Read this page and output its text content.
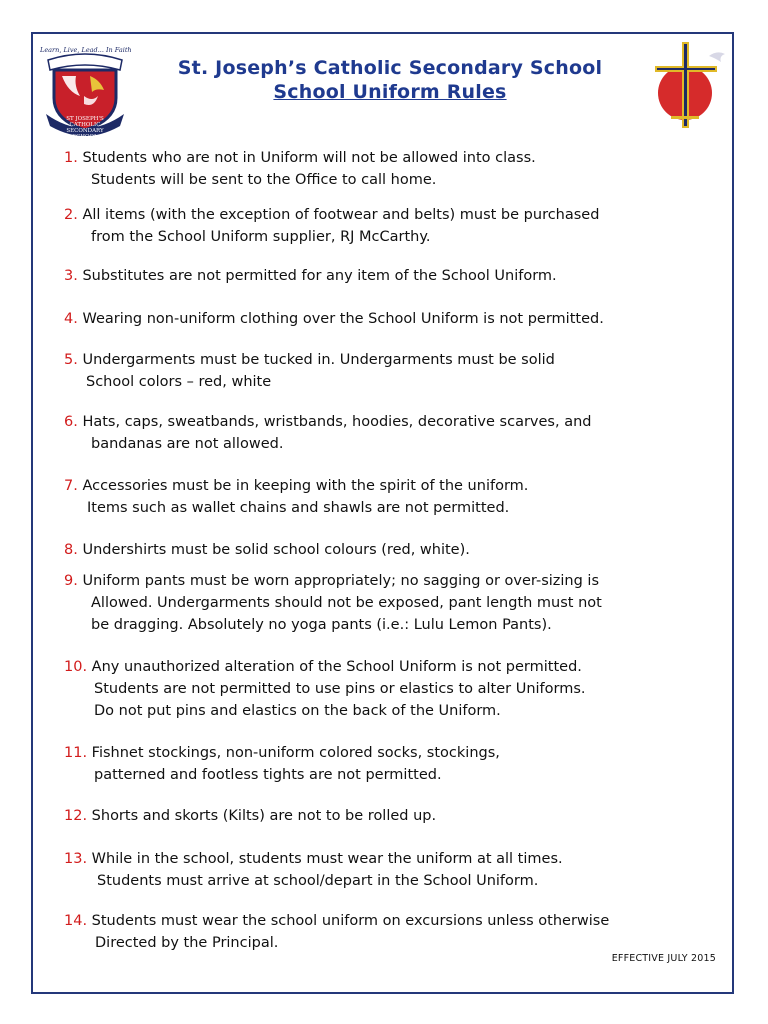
Learn, Live, Lead... In Faith
ST JOSEPH'S CATHOLIC SECONDARY SCHOOL
St. Joseph’s Catholic Secondary School
School Uniform Rules
1. Students who are not in Uniform will not be allowed into class.
Students will be sent to the Office to call home.
2. All items (with the exception of footwear and belts) must be purchased
from the School Uniform supplier, RJ McCarthy.
3. Substitutes are not permitted for any item of the School Uniform.
4. Wearing non-uniform clothing over the School Uniform is not permitted.
5. Undergarments must be tucked in. Undergarments must be solid
School colors – red, white
6. Hats, caps, sweatbands, wristbands, hoodies, decorative scarves, and
bandanas are not allowed.
7. Accessories must be in keeping with the spirit of the uniform.
Items such as wallet chains and shawls are not permitted.
8. Undershirts must be solid school colours (red, white).
9. Uniform pants must be worn appropriately; no sagging or over-sizing is
Allowed. Undergarments should not be exposed, pant length must not
be dragging. Absolutely no yoga pants (i.e.: Lulu Lemon Pants).
10. Any unauthorized alteration of the School Uniform is not permitted.
Students are not permitted to use pins or elastics to alter Uniforms.
Do not put pins and elastics on the back of the Uniform.
11. Fishnet stockings, non-uniform colored socks, stockings,
patterned and footless tights are not permitted.
12. Shorts and skorts (Kilts) are not to be rolled up.
13. While in the school, students must wear the uniform at all times.
Students must arrive at school/depart in the School Uniform.
14. Students must wear the school uniform on excursions unless otherwise
Directed by the Principal.
EFFECTIVE JULY 2015
